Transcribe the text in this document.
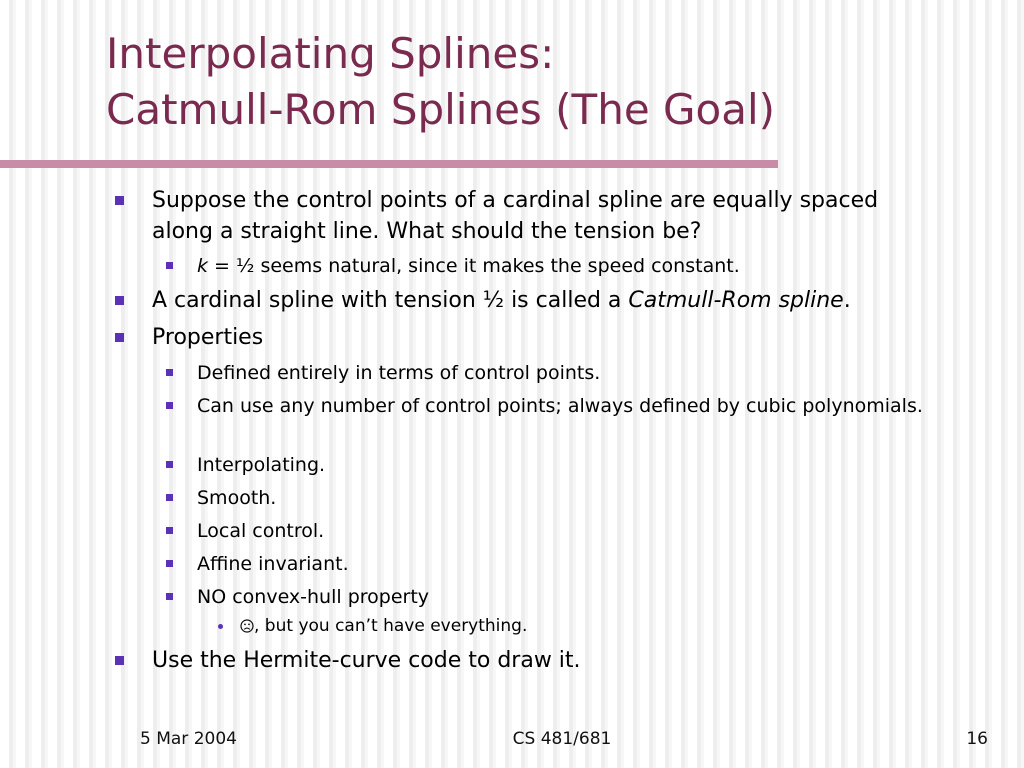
Interpolating Splines:
Catmull-Rom Splines (The Goal)

Suppose the control points of a cardinal spline are equally spaced along a straight line. What should the tension be?

k = ½ seems natural, since it makes the speed constant.

A cardinal spline with tension ½ is called a Catmull-Rom spline.

Properties

Defined entirely in terms of control points.

Can use any number of control points; always defined by cubic polynomials.

Interpolating.

Smooth.

Local control.

Affine invariant.

NO convex-hull property

, but you can’t have everything.

Use the Hermite-curve code to draw it.

5 Mar 2004	CS 481/681	16
